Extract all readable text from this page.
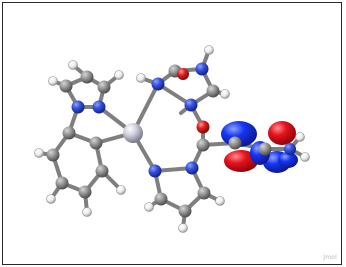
Jmol
